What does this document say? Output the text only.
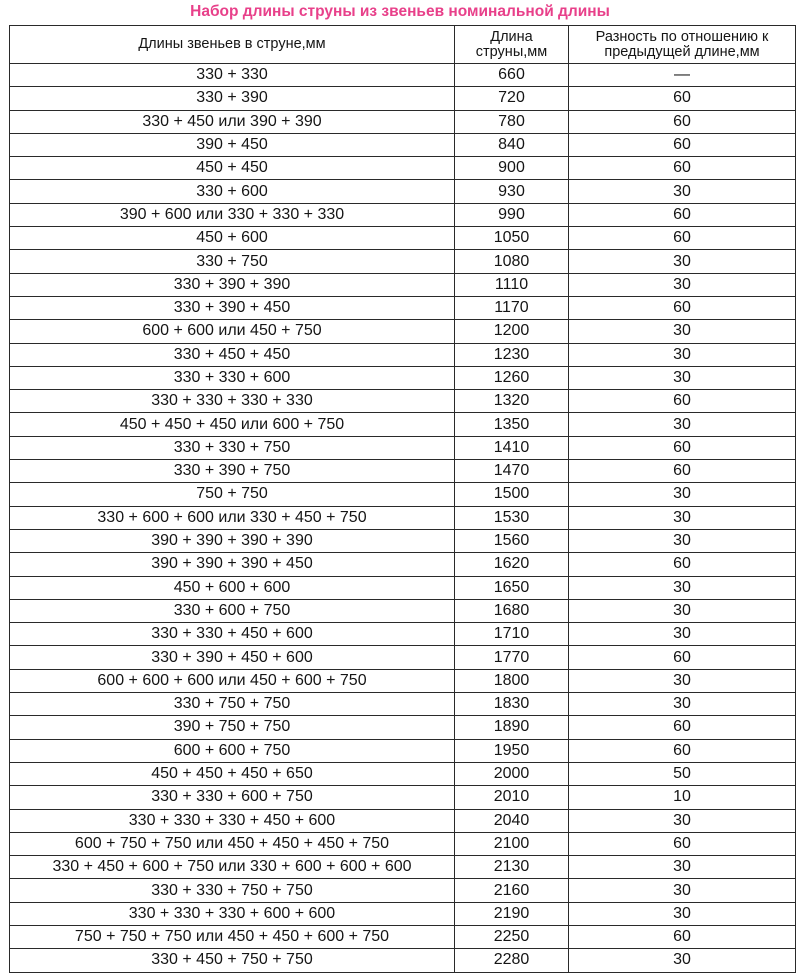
Набор длины струны из звеньев номинальной длины
Длины звеньев в струне,мм	Длина струны,мм	Разность по отношению к предыдущей длине,мм
330 + 330	660	—
330 + 390	720	60
330 + 450 или 390 + 390	780	60
390 + 450	840	60
450 + 450	900	60
330 + 600	930	30
390 + 600 или 330 + 330 + 330	990	60
450 + 600	1050	60
330 + 750	1080	30
330 + 390 + 390	1110	30
330 + 390 + 450	1170	60
600 + 600 или 450 + 750	1200	30
330 + 450 + 450	1230	30
330 + 330 + 600	1260	30
330 + 330 + 330 + 330	1320	60
450 + 450 + 450 или 600 + 750	1350	30
330 + 330 + 750	1410	60
330 + 390 + 750	1470	60
750 + 750	1500	30
330 + 600 + 600 или 330 + 450 + 750	1530	30
390 + 390 + 390 + 390	1560	30
390 + 390 + 390 + 450	1620	60
450 + 600 + 600	1650	30
330 + 600 + 750	1680	30
330 + 330 + 450 + 600	1710	30
330 + 390 + 450 + 600	1770	60
600 + 600 + 600 или 450 + 600 + 750	1800	30
330 + 750 + 750	1830	30
390 + 750 + 750	1890	60
600 + 600 + 750	1950	60
450 + 450 + 450 + 650	2000	50
330 + 330 + 600 + 750	2010	10
330 + 330 + 330 + 450 + 600	2040	30
600 + 750 + 750 или 450 + 450 + 450 + 750	2100	60
330 + 450 + 600 + 750 или 330 + 600 + 600 + 600	2130	30
330 + 330 + 750 + 750	2160	30
330 + 330 + 330 + 600 + 600	2190	30
750 + 750 + 750 или 450 + 450 + 600 + 750	2250	60
330 + 450 + 750 + 750	2280	30
